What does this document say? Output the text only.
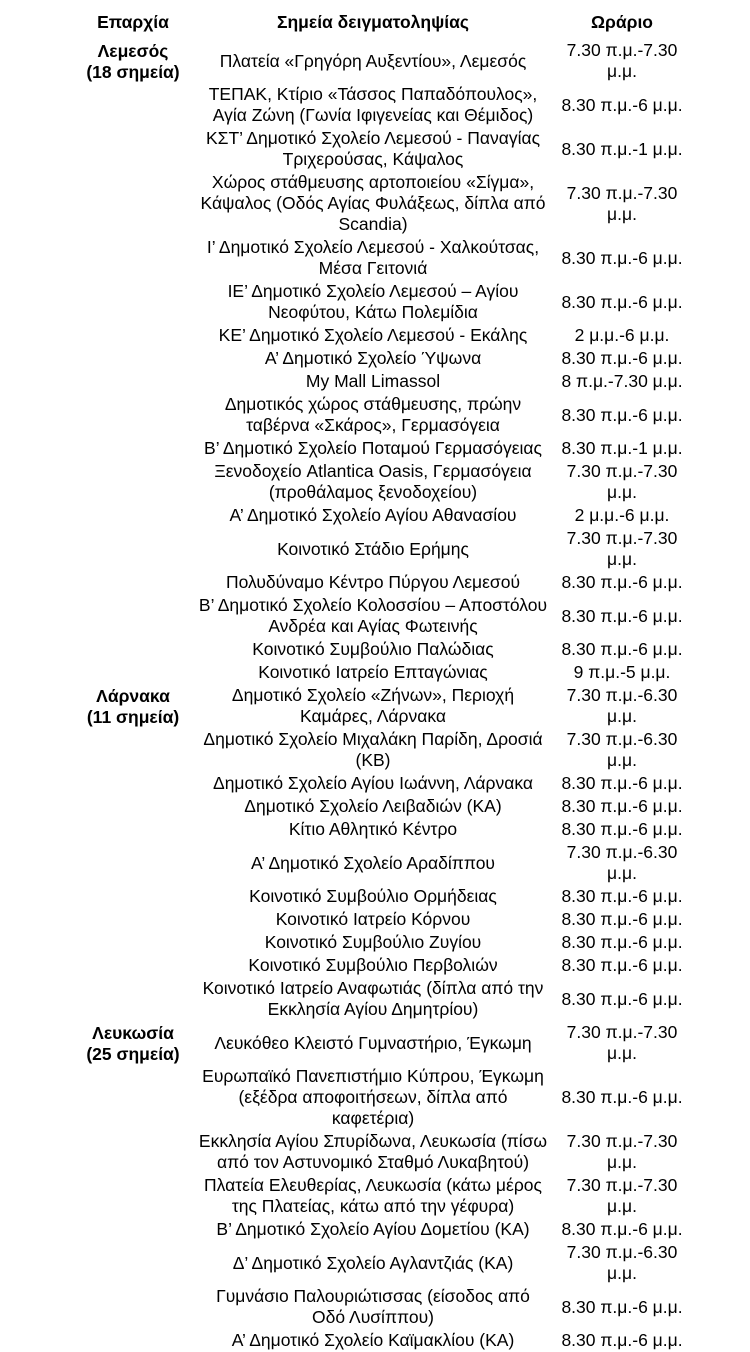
Επαρχία	Σημεία δειγματοληψίας	Ωράριο

Λεμεσός
(18 σημεία)	Πλατεία «Γρηγόρη Αυξεντίου», Λεμεσός	7.30 π.μ.-7.30 μ.μ.
	ΤΕΠΑΚ, Κτίριο «Τάσσος Παπαδόπουλος», Αγία Ζώνη (Γωνία Ιφιγενείας και Θέμιδος)	8.30 π.μ.-6 μ.μ.
	ΚΣΤ’ Δημοτικό Σχολείο Λεμεσού - Παναγίας Τριχερούσας, Κάψαλος	8.30 π.μ.-1 μ.μ.
	Χώρος στάθμευσης αρτοποιείου «Σίγμα», Κάψαλος (Οδός Αγίας Φυλάξεως, δίπλα από Scandia)	7.30 π.μ.-7.30 μ.μ.
	Ι’ Δημοτικό Σχολείο Λεμεσού - Χαλκούτσας, Μέσα Γειτονιά	8.30 π.μ.-6 μ.μ.
	ΙΕ’ Δημοτικό Σχολείο Λεμεσού – Αγίου Νεοφύτου, Κάτω Πολεμίδια	8.30 π.μ.-6 μ.μ.
	ΚΕ’ Δημοτικό Σχολείο Λεμεσού - Εκάλης	2 μ.μ.-6 μ.μ.
	Α’ Δημοτικό Σχολείο Ύψωνα	8.30 π.μ.-6 μ.μ.
	My Mall Limassol	8 π.μ.-7.30 μ.μ.
	Δημοτικός χώρος στάθμευσης, πρώην ταβέρνα «Σκάρος», Γερμασόγεια	8.30 π.μ.-6 μ.μ.
	Β’ Δημοτικό Σχολείο Ποταμού Γερμασόγειας	8.30 π.μ.-1 μ.μ.
	Ξενοδοχείο Atlantica Oasis, Γερμασόγεια (προθάλαμος ξενοδοχείου)	7.30 π.μ.-7.30 μ.μ.
	Α’ Δημοτικό Σχολείο Αγίου Αθανασίου	2 μ.μ.-6 μ.μ.
	Κοινοτικό Στάδιο Ερήμης	7.30 π.μ.-7.30 μ.μ.
	Πολυδύναμο Κέντρο Πύργου Λεμεσού	8.30 π.μ.-6 μ.μ.
	Β’ Δημοτικό Σχολείο Κολοσσίου – Αποστόλου Ανδρέα και Αγίας Φωτεινής	8.30 π.μ.-6 μ.μ.
	Κοινοτικό Συμβούλιο Παλώδιας	8.30 π.μ.-6 μ.μ.
	Κοινοτικό Ιατρείο Επταγώνιας	9 π.μ.-5 μ.μ.

Λάρνακα
(11 σημεία)	Δημοτικό Σχολείο «Ζήνων», Περιοχή Καμάρες, Λάρνακα	7.30 π.μ.-6.30 μ.μ.
	Δημοτικό Σχολείο Μιχαλάκη Παρίδη, Δροσιά (ΚΒ)	7.30 π.μ.-6.30 μ.μ.
	Δημοτικό Σχολείο Αγίου Ιωάννη, Λάρνακα	8.30 π.μ.-6 μ.μ.
	Δημοτικό Σχολείο Λειβαδιών (ΚΑ)	8.30 π.μ.-6 μ.μ.
	Κίτιο Αθλητικό Κέντρο	8.30 π.μ.-6 μ.μ.
	Α’ Δημοτικό Σχολείο Αραδίππου	7.30 π.μ.-6.30 μ.μ.
	Κοινοτικό Συμβούλιο Ορμήδειας	8.30 π.μ.-6 μ.μ.
	Κοινοτικό Ιατρείο Κόρνου	8.30 π.μ.-6 μ.μ.
	Κοινοτικό Συμβούλιο Ζυγίου	8.30 π.μ.-6 μ.μ.
	Κοινοτικό Συμβούλιο Περβολιών	8.30 π.μ.-6 μ.μ.
	Κοινοτικό Ιατρείο Αναφωτιάς (δίπλα από την Εκκλησία Αγίου Δημητρίου)	8.30 π.μ.-6 μ.μ.

Λευκωσία
(25 σημεία)	Λευκόθεο Κλειστό Γυμναστήριο, Έγκωμη	7.30 π.μ.-7.30 μ.μ.
	Ευρωπαϊκό Πανεπιστήμιο Κύπρου, Έγκωμη (εξέδρα αποφοιτήσεων, δίπλα από καφετέρια)	8.30 π.μ.-6 μ.μ.
	Εκκλησία Αγίου Σπυρίδωνα, Λευκωσία (πίσω από τον Αστυνομικό Σταθμό Λυκαβητού)	7.30 π.μ.-7.30 μ.μ.
	Πλατεία Ελευθερίας, Λευκωσία (κάτω μέρος της Πλατείας, κάτω από την γέφυρα)	7.30 π.μ.-7.30 μ.μ.
	Β’ Δημοτικό Σχολείο Αγίου Δομετίου (ΚΑ)	8.30 π.μ.-6 μ.μ.
	Δ’ Δημοτικό Σχολείο Αγλαντζιάς (ΚΑ)	7.30 π.μ.-6.30 μ.μ.
	Γυμνάσιο Παλουριώτισσας (είσοδος από Οδό Λυσίππου)	8.30 π.μ.-6 μ.μ.
	Α’ Δημοτικό Σχολείο Καϊμακλίου (ΚΑ)	8.30 π.μ.-6 μ.μ.
